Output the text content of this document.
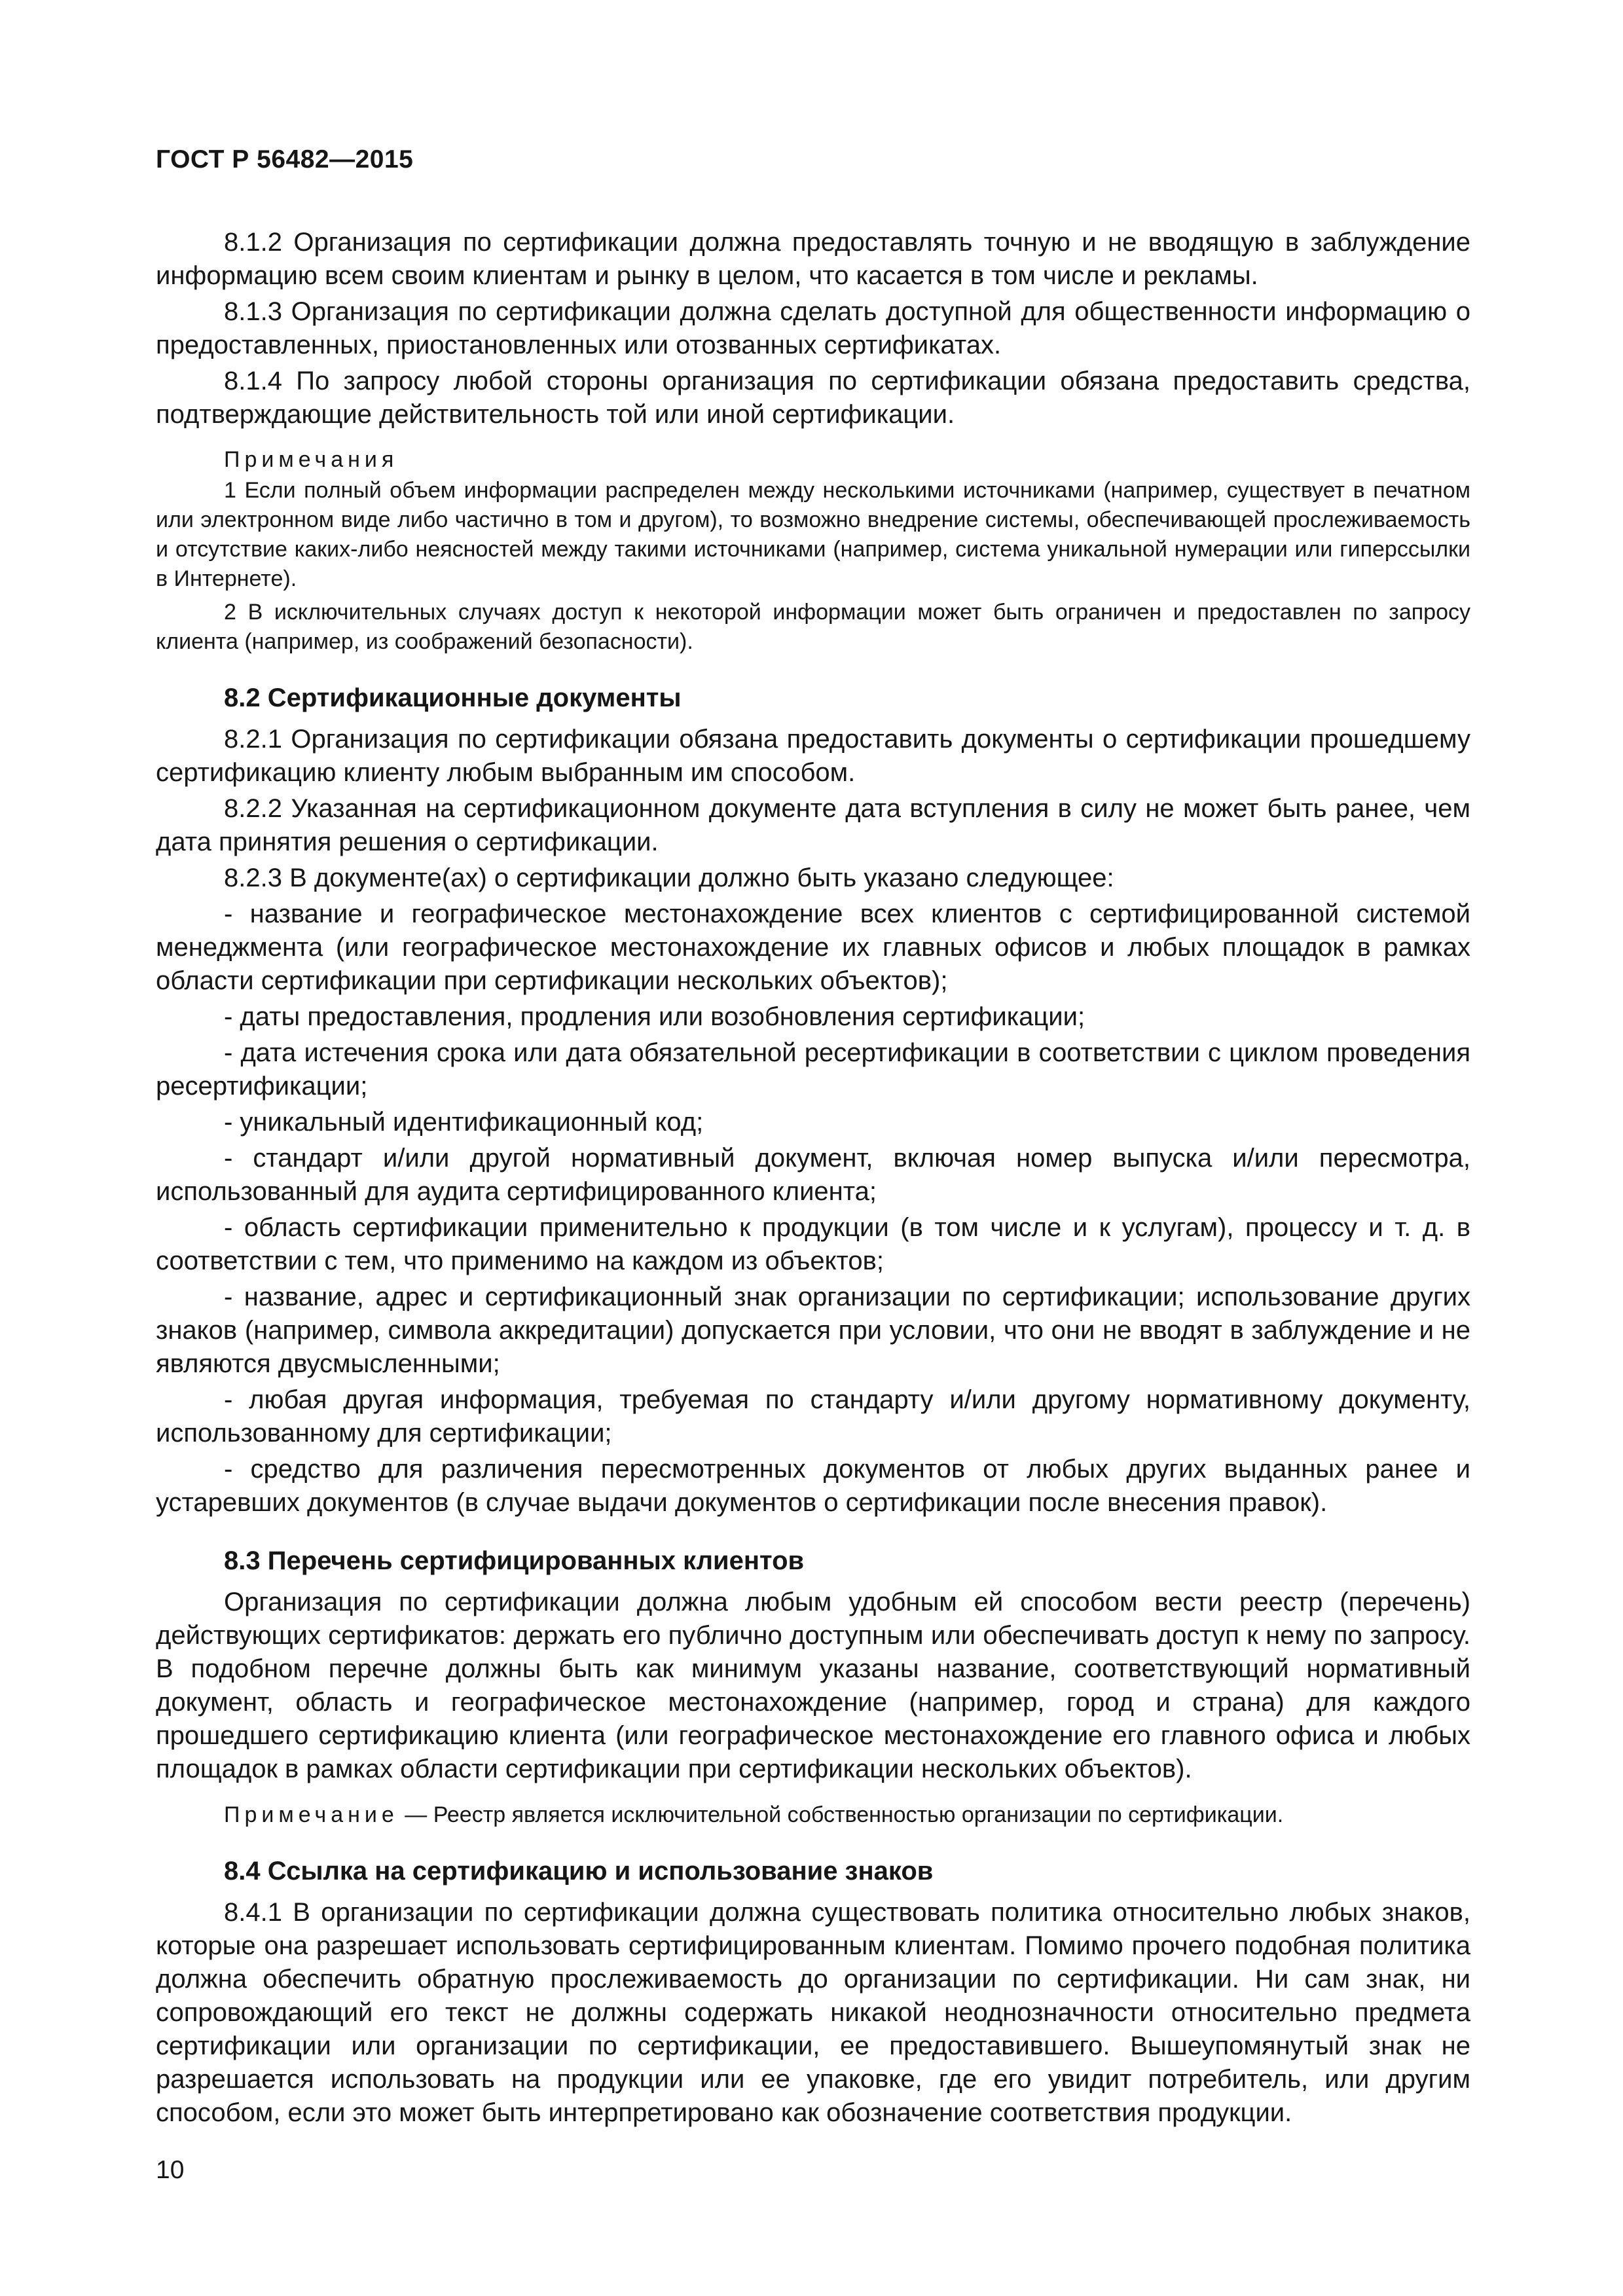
ГОСТ Р 56482—2015

8.1.2 Организация по сертификации должна предоставлять точную и не вводящую в заблуждение информацию всем своим клиентам и рынку в целом, что касается в том числе и рекламы.

8.1.3 Организация по сертификации должна сделать доступной для общественности информацию о предоставленных, приостановленных или отозванных сертификатах.

8.1.4 По запросу любой стороны организация по сертификации обязана предоставить средства, подтверждающие действительность той или иной сертификации.

Примечания

1 Если полный объем информации распределен между несколькими источниками (например, существует в печатном или электронном виде либо частично в том и другом), то возможно внедрение системы, обеспечивающей прослеживаемость и отсутствие каких-либо неясностей между такими источниками (например, система уникальной нумерации или гиперссылки в Интернете).

2 В исключительных случаях доступ к некоторой информации может быть ограничен и предоставлен по запросу клиента (например, из соображений безопасности).

8.2 Сертификационные документы

8.2.1 Организация по сертификации обязана предоставить документы о сертификации прошедшему сертификацию клиенту любым выбранным им способом.

8.2.2 Указанная на сертификационном документе дата вступления в силу не может быть ранее, чем дата принятия решения о сертификации.

8.2.3 В документе(ах) о сертификации должно быть указано следующее:

- название и географическое местонахождение всех клиентов с сертифицированной системой менеджмента (или географическое местонахождение их главных офисов и любых площадок в рамках области сертификации при сертификации нескольких объектов);

- даты предоставления, продления или возобновления сертификации;

- дата истечения срока или дата обязательной ресертификации в соответствии с циклом проведения ресертификации;

- уникальный идентификационный код;

- стандарт и/или другой нормативный документ, включая номер выпуска и/или пересмотра, использованный для аудита сертифицированного клиента;

- область сертификации применительно к продукции (в том числе и к услугам), процессу и т. д. в соответствии с тем, что применимо на каждом из объектов;

- название, адрес и сертификационный знак организации по сертификации; использование других знаков (например, символа аккредитации) допускается при условии, что они не вводят в заблуждение и не являются двусмысленными;

- любая другая информация, требуемая по стандарту и/или другому нормативному документу, использованному для сертификации;

- средство для различения пересмотренных документов от любых других выданных ранее и устаревших документов (в случае выдачи документов о сертификации после внесения правок).

8.3 Перечень сертифицированных клиентов

Организация по сертификации должна любым удобным ей способом вести реестр (перечень) действующих сертификатов: держать его публично доступным или обеспечивать доступ к нему по запросу. В подобном перечне должны быть как минимум указаны название, соответствующий нормативный документ, область и географическое местонахождение (например, город и страна) для каждого прошедшего сертификацию клиента (или географическое местонахождение его главного офиса и любых площадок в рамках области сертификации при сертификации нескольких объектов).

Примечание — Реестр является исключительной собственностью организации по сертификации.
8.4 Ссылка на сертификацию и использование знаков

8.4.1 В организации по сертификации должна существовать политика относительно любых знаков, которые она разрешает использовать сертифицированным клиентам. Помимо прочего подобная политика должна обеспечить обратную прослеживаемость до организации по сертификации. Ни сам знак, ни сопровождающий его текст не должны содержать никакой неоднозначности относительно предмета сертификации или организации по сертификации, ее предоставившего. Вышеупомянутый знак не разрешается использовать на продукции или ее упаковке, где его увидит потребитель, или другим способом, если это может быть интерпретировано как обозначение соответствия продукции.

10
